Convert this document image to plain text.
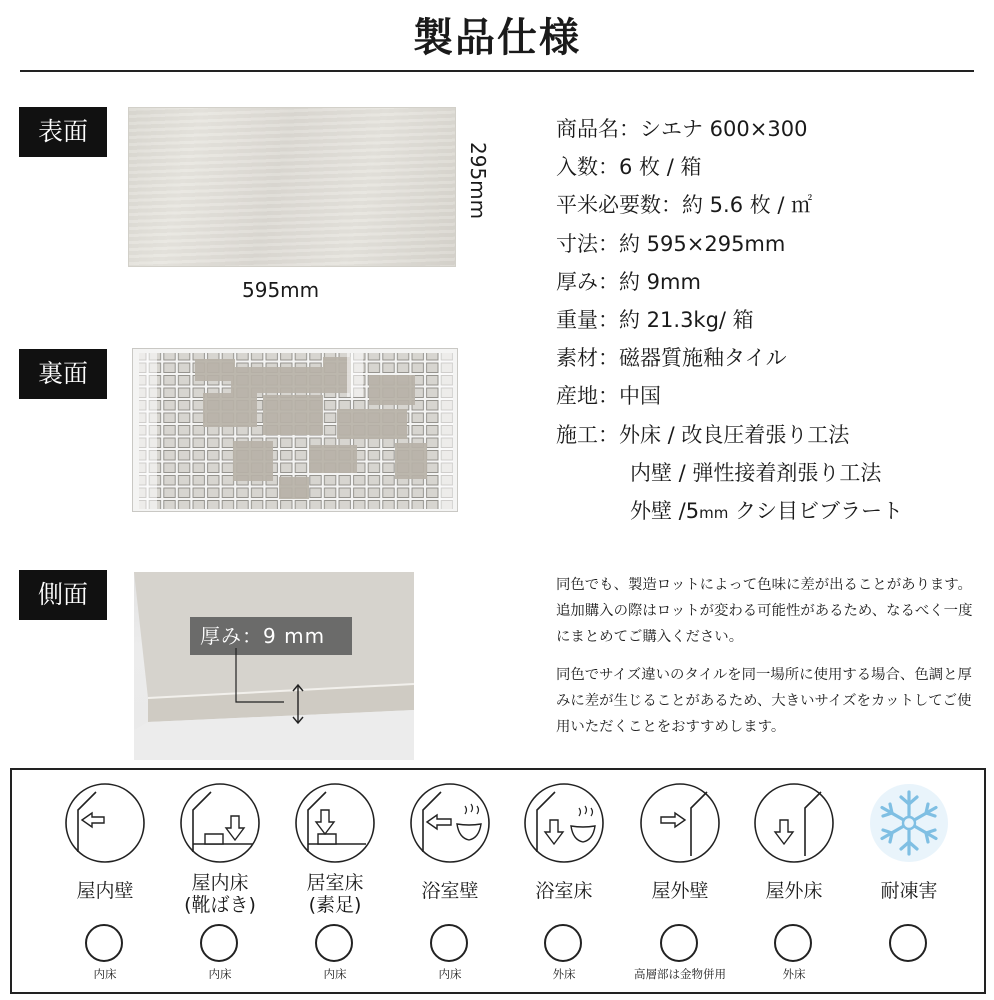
製品仕様
表面
295mm
595mm
裏面
側面
厚み：9 mm
商品名：シエナ 600×300
入数：6 枚 / 箱
平米必要数：約 5.6 枚 / ㎡
寸法：約 595×295mm
厚み：約 9mm
重量：約 21.3kg/ 箱
素材：磁器質施釉タイル
産地：中国
施工：外床 / 改良圧着張り工法
内壁 / 弾性接着剤張り工法
外壁 /5mm クシ目ビブラート
同色でも、製造ロットによって色味に差が出ることがあります。追加購入の際はロットが変わる可能性があるため、なるべく一度にまとめてご購入ください。
同色でサイズ違いのタイルを同一場所に使用する場合、色調と厚みに差が生じることがあるため、大きいサイズをカットしてご使用いただくことをおすすめします。
屋内壁
内床
屋内床
(靴ばき)
内床
居室床
(素足)
内床
浴室壁
内床
浴室床
外床
屋外壁
高層部は金物併用
屋外床
外床
耐凍害
